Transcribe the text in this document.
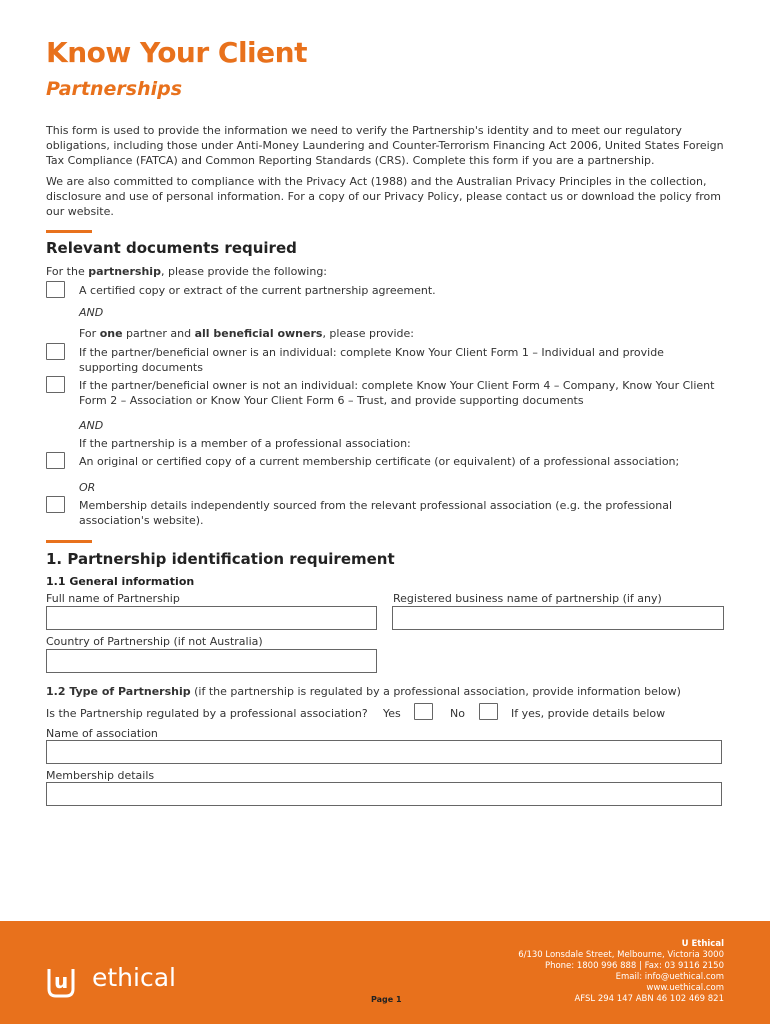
Know Your Client
Partnerships
This form is used to provide the information we need to verify the Partnership's identity and to meet our regulatory obligations, including those under Anti-Money Laundering and Counter-Terrorism Financing Act 2006, United States Foreign Tax Compliance (FATCA) and Common Reporting Standards (CRS). Complete this form if you are a partnership.
We are also committed to compliance with the Privacy Act (1988) and the Australian Privacy Principles in the collection, disclosure and use of personal information. For a copy of our Privacy Policy, please contact us or download the policy from our website.
Relevant documents required
For the partnership, please provide the following:
A certified copy or extract of the current partnership agreement.
AND
For one partner and all beneficial owners, please provide:
If the partner/beneficial owner is an individual: complete Know Your Client Form 1 – Individual and provide supporting documents
If the partner/beneficial owner is not an individual: complete Know Your Client Form 4 – Company, Know Your Client Form 2 – Association or Know Your Client Form 6 – Trust, and provide supporting documents
AND
If the partnership is a member of a professional association:
An original or certified copy of a current membership certificate (or equivalent) of a professional association;
OR
Membership details independently sourced from the relevant professional association (e.g. the professional association's website).
1. Partnership identification requirement
1.1 General information
Full name of Partnership	Registered business name of partnership (if any)
Country of Partnership (if not Australia)
1.2 Type of Partnership (if the partnership is regulated by a professional association, provide information below)
Is the Partnership regulated by a professional association? Yes	No	If yes, provide details below
Name of association
Membership details
u ethical
Page 1
U Ethical
6/130 Lonsdale Street, Melbourne, Victoria 3000
Phone: 1800 996 888 | Fax: 03 9116 2150
Email: info@uethical.com
www.uethical.com
AFSL 294 147 ABN 46 102 469 821
